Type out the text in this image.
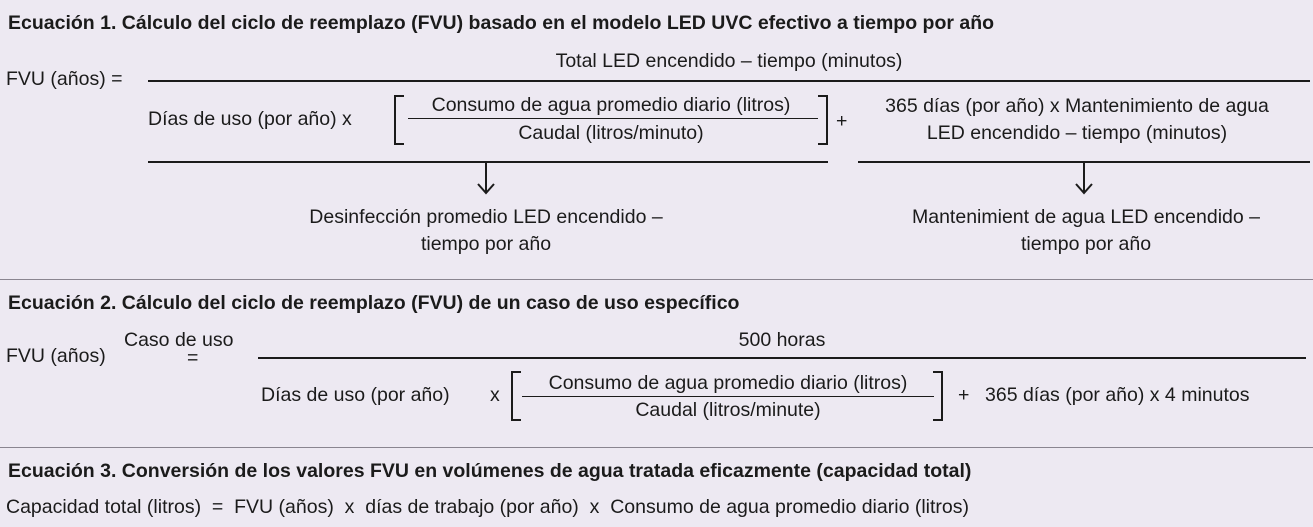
Ecuación 1. Cálculo del ciclo de reemplazo (FVU) basado en el modelo LED UVC efectivo a tiempo por año
FVU (años) =
Total LED encendido – tiempo (minutos)
Días de uso (por año) x
Consumo de agua promedio diario (litros)
Caudal (litros/minuto)
+
365 días (por año) x Mantenimiento de agua
LED encendido – tiempo (minutos)
Desinfección promedio LED encendido –
tiempo por año
Mantenimient de agua LED encendido –
tiempo por año
Ecuación 2. Cálculo del ciclo de reemplazo (FVU) de un caso de uso específico
FVU (años)
Caso de uso
=
500 horas
Días de uso (por año) x
Consumo de agua promedio diario (litros)
Caudal (litros/minute)
+ 365 días (por año) x 4 minutos
Ecuación 3. Conversión de los valores FVU en volúmenes de agua tratada eficazmente (capacidad total)
Capacidad total (litros)  =  FVU (años)  x  días de trabajo (por año)  x  Consumo de agua promedio diario (litros)
